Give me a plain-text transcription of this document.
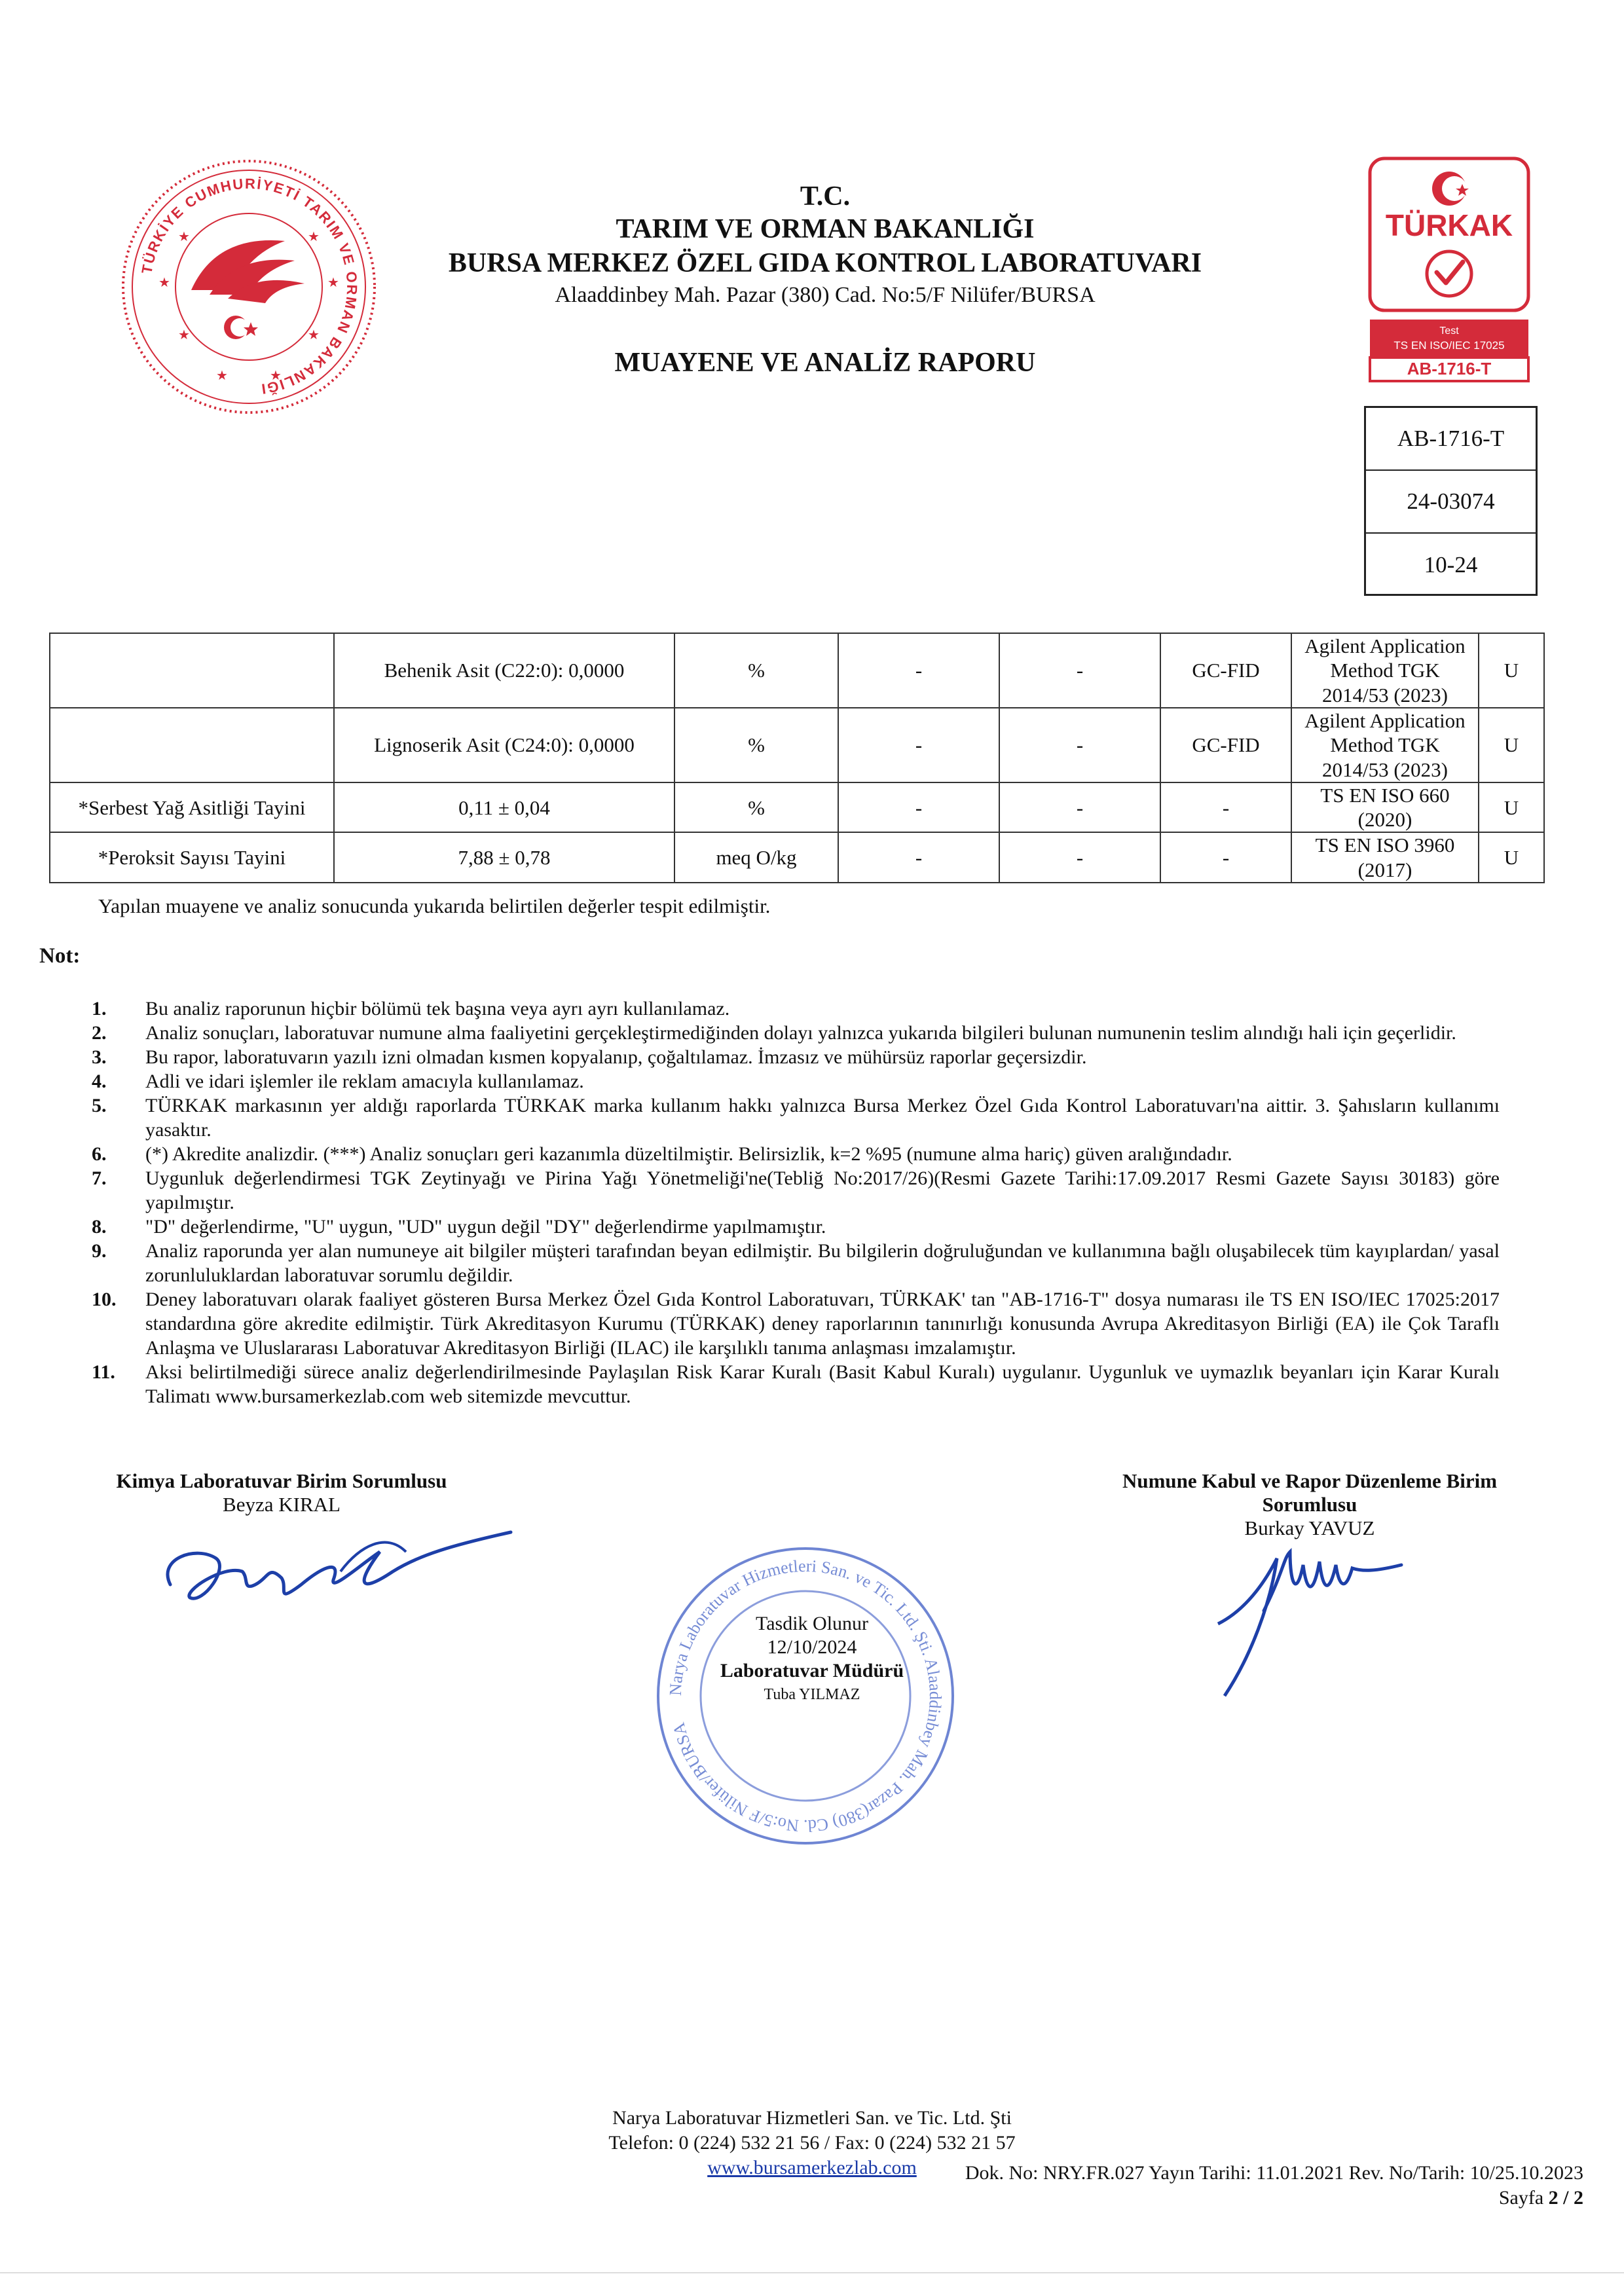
TÜRKİYE CUMHURİYETİ TARIM VE ORMAN BAKANLIĞI
★	★
★	★
★	★
★	★
TÜRKAK
Test
TS EN ISO/IEC 17025
AB-1716-T
T.C.
TARIM VE ORMAN BAKANLIĞI
BURSA MERKEZ ÖZEL GIDA KONTROL LABORATUVARI
Alaaddinbey Mah. Pazar (380) Cad. No:5/F Nilüfer/BURSA
MUAYENE VE ANALİZ RAPORU
AB-1716-T
24-03074
10-24
	Behenik Asit (C22:0): 0,0000	%	-	-	GC-FID	Agilent Application Method TGK 2014/53 (2023)	U
	Lignoserik Asit (C24:0): 0,0000	%	-	-	GC-FID	Agilent Application Method TGK 2014/53 (2023)	U
*Serbest Yağ Asitliği Tayini	0,11 ± 0,04	%	-	-	-	TS EN ISO 660 (2020)	U
*Peroksit Sayısı Tayini	7,88 ± 0,78	meq O/kg	-	-	-	TS EN ISO 3960 (2017)	U
Yapılan muayene ve analiz sonucunda yukarıda belirtilen değerler tespit edilmiştir.
Not:
1.	Bu analiz raporunun hiçbir bölümü tek başına veya ayrı ayrı kullanılamaz.
2.	Analiz sonuçları, laboratuvar numune alma faaliyetini gerçekleştirmediğinden dolayı yalnızca yukarıda bilgileri bulunan numunenin teslim alındığı hali için geçerlidir.
3.	Bu rapor, laboratuvarın yazılı izni olmadan kısmen kopyalanıp, çoğaltılamaz. İmzasız ve mühürsüz raporlar geçersizdir.
4.	Adli ve idari işlemler ile reklam amacıyla kullanılamaz.
5.	TÜRKAK markasının yer aldığı raporlarda TÜRKAK marka kullanım hakkı yalnızca Bursa Merkez Özel Gıda Kontrol Laboratuvarı'na aittir. 3. Şahısların kullanımı yasaktır.
6.	(*) Akredite analizdir. (***) Analiz sonuçları geri kazanımla düzeltilmiştir. Belirsizlik, k=2 %95 (numune alma hariç) güven aralığındadır.
7.	Uygunluk değerlendirmesi TGK Zeytinyağı ve Pirina Yağı Yönetmeliği'ne(Tebliğ No:2017/26)(Resmi Gazete Tarihi:17.09.2017 Resmi Gazete Sayısı 30183) göre yapılmıştır.
8.	"D" değerlendirme, "U" uygun, "UD" uygun değil "DY" değerlendirme yapılmamıştır.
9.	Analiz raporunda yer alan numuneye ait bilgiler müşteri tarafından beyan edilmiştir. Bu bilgilerin doğruluğundan ve kullanımına bağlı oluşabilecek tüm kayıplardan/ yasal zorunluluklardan laboratuvar sorumlu değildir.
10.	Deney laboratuvarı olarak faaliyet gösteren Bursa Merkez Özel Gıda Kontrol Laboratuvarı, TÜRKAK' tan "AB-1716-T" dosya numarası ile TS EN ISO/IEC 17025:2017 standardına göre akredite edilmiştir. Türk Akreditasyon Kurumu (TÜRKAK) deney raporlarının tanınırlığı konusunda Avrupa Akreditasyon Birliği (EA) ile Çok Taraflı Anlaşma ve Uluslararası Laboratuvar Akreditasyon Birliği (ILAC) ile karşılıklı tanıma anlaşması imzalamıştır.
11.	Aksi belirtilmediği sürece analiz değerlendirilmesinde Paylaşılan Risk Karar Kuralı (Basit Kabul Kuralı) uygulanır. Uygunluk ve uymazlık beyanları için Karar Kuralı Talimatı www.bursamerkezlab.com web sitemizde mevcuttur.
Kimya Laboratuvar Birim Sorumlusu
Beyza KIRAL
Numune Kabul ve Rapor Düzenleme Birim Sorumlusu
Burkay YAVUZ
Narya Laboratuvar Hizmetleri San. ve Tic. Ltd. Şti. Alaaddinbey Mah. Pazar(380) Cd. No:5/F Nilüfer/BURSA
Tasdik Olunur
12/10/2024
Laboratuvar Müdürü
Tuba YILMAZ
Narya Laboratuvar Hizmetleri San. ve Tic. Ltd. Şti
Telefon: 0 (224) 532 21 56 / Fax: 0 (224) 532 21 57
www.bursamerkezlab.com	Dok. No: NRY.FR.027 Yayın Tarihi: 11.01.2021 Rev. No/Tarih: 10/25.10.2023
Sayfa 2 / 2
